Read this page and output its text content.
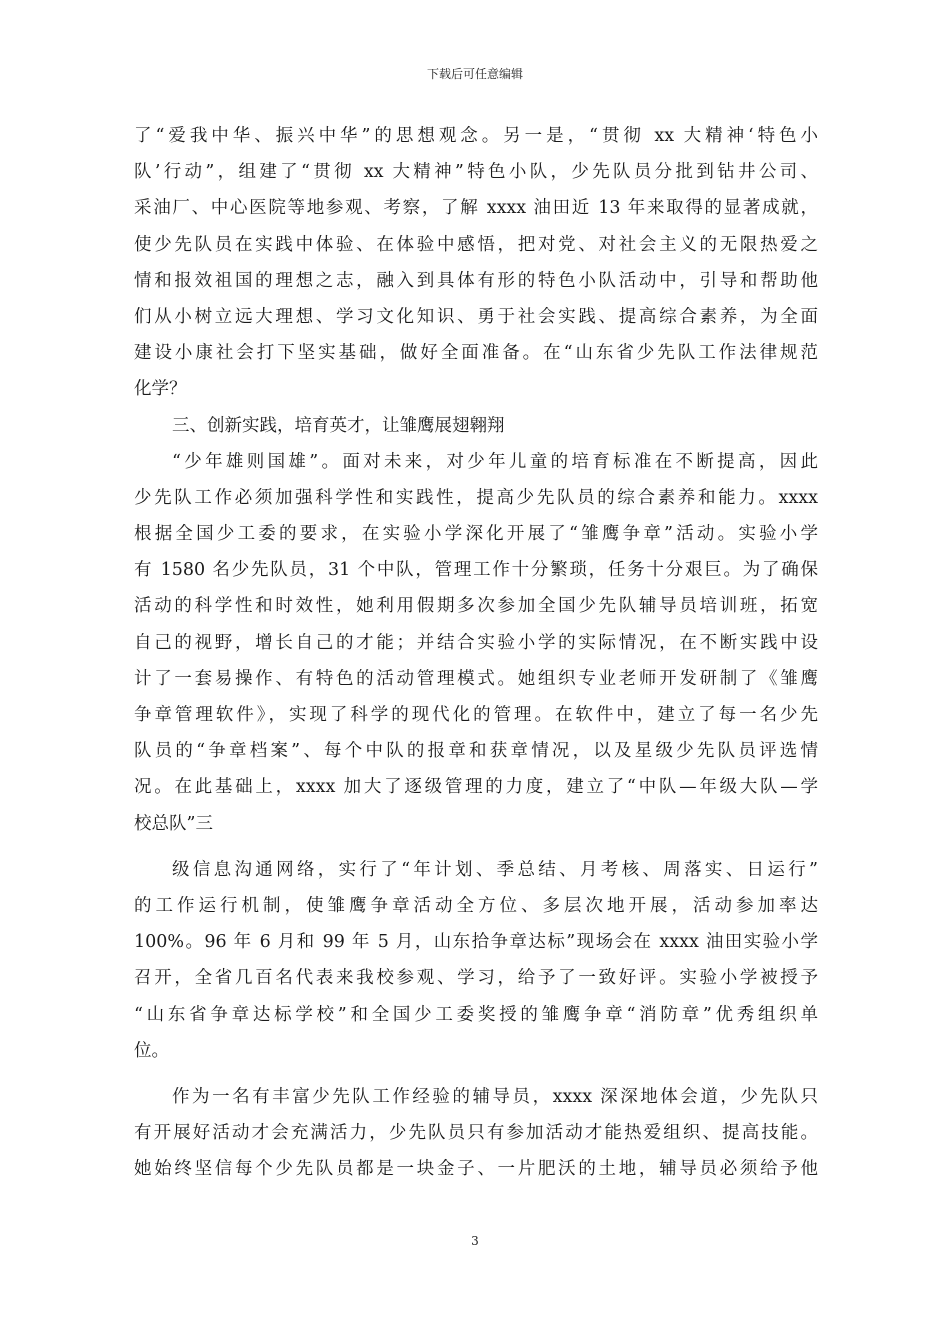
下载后可任意编辑
了“爱我中华、振兴中华”的思想观念。另一是，“贯彻 xx 大精神‘特色小
队’行动”，组建了“贯彻 xx 大精神”特色小队，少先队员分批到钻井公司、
采油厂、中心医院等地参观、考察，了解 xxxx 油田近 13 年来取得的显著成就，
使少先队员在实践中体验、在体验中感悟，把对党、对社会主义的无限热爱之
情和报效祖国的理想之志，融入到具体有形的特色小队活动中，引导和帮助他
们从小树立远大理想、学习文化知识、勇于社会实践、提高综合素养，为全面
建设小康社会打下坚实基础，做好全面准备。在“山东省少先队工作法律规范
化学？
三、创新实践，培育英才，让雏鹰展翅翱翔
“少年雄则国雄”。面对未来，对少年儿童的培育标准在不断提高，因此
少先队工作必须加强科学性和实践性，提高少先队员的综合素养和能力。xxxx
根据全国少工委的要求，在实验小学深化开展了“雏鹰争章”活动。实验小学
有 1580 名少先队员，31 个中队，管理工作十分繁琐，任务十分艰巨。为了确保
活动的科学性和时效性，她利用假期多次参加全国少先队辅导员培训班，拓宽
自己的视野，增长自己的才能；并结合实验小学的实际情况，在不断实践中设
计了一套易操作、有特色的活动管理模式。她组织专业老师开发研制了《雏鹰
争章管理软件》，实现了科学的现代化的管理。在软件中，建立了每一名少先
队员的“争章档案”、每个中队的报章和获章情况，以及星级少先队员评选情
况。在此基础上，xxxx 加大了逐级管理的力度，建立了“中队—年级大队—学
校总队”三
级信息沟通网络，实行了“年计划、季总结、月考核、周落实、日运行”
的工作运行机制，使雏鹰争章活动全方位、多层次地开展，活动参加率达
100%。96 年 6 月和 99 年 5 月，山东拾争章达标”现场会在 xxxx 油田实验小学
召开，全省几百名代表来我校参观、学习，给予了一致好评。实验小学被授予
“山东省争章达标学校”和全国少工委奖授的雏鹰争章“消防章”优秀组织单
位。
作为一名有丰富少先队工作经验的辅导员，xxxx 深深地体会道，少先队只
有开展好活动才会充满活力，少先队员只有参加活动才能热爱组织、提高技能。
她始终坚信每个少先队员都是一块金子、一片肥沃的土地，辅导员必须给予他
3
